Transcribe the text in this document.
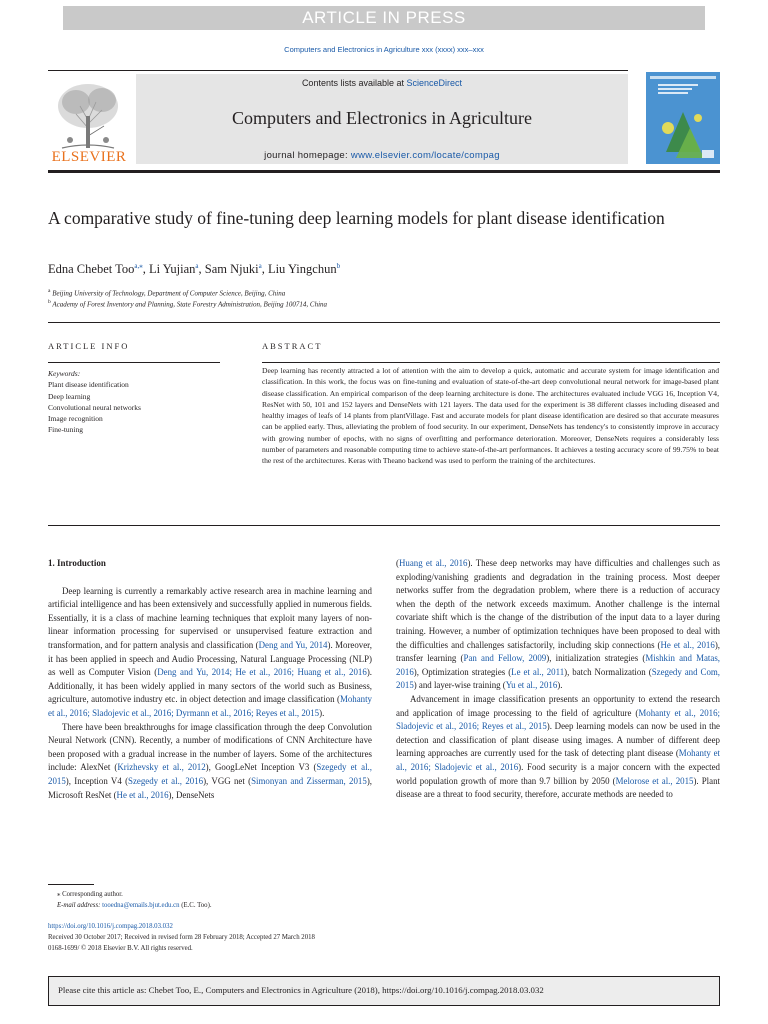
ARTICLE IN PRESS
Computers and Electronics in Agriculture xxx (xxxx) xxx–xxx
ELSEVIER
Contents lists available at ScienceDirect
Computers and Electronics in Agriculture
journal homepage: www.elsevier.com/locate/compag
A comparative study of fine-tuning deep learning models for plant disease identification
Edna Chebet Too$^{a,⁎}$, Li Yujian$^a$, Sam Njuki$^a$, Liu Yingchun$^b$
$^a$ Beijing University of Technology, Department of Computer Science, Beijing, China
$^b$ Academy of Forest Inventory and Planning, State Forestry Administration, Beijing 100714, China
ARTICLE INFO	ABSTRACT
Keywords:
Plant disease identification
Deep learning
Convolutional neural networks
Image recognition
Fine-tuning
Deep learning has recently attracted a lot of attention with the aim to develop a quick, automatic and accurate system for image identification and classification. In this work, the focus was on fine-tuning and evaluation of state-of-the-art deep convolutional neural network for image-based plant disease classification. An empirical comparison of the deep learning architecture is done. The architectures evaluated include VGG 16, Inception V4, ResNet with 50, 101 and 152 layers and DenseNets with 121 layers. The data used for the experiment is 38 different classes including diseased and healthy images of leafs of 14 plants from plantVillage. Fast and accurate models for plant disease identification are desired so that accurate measures can be applied early. Thus, alleviating the problem of food security. In our experiment, DenseNets has tendency's to consistently improve in accuracy with growing number of epochs, with no signs of overfitting and performance deterioration. Moreover, DenseNets requires a considerably less number of parameters and reasonable computing time to achieve state-of-the-art performances. It achieves a testing accuracy score of 99.75% to beat the rest of the architectures. Keras with Theano backend was used to perform the training of the architectures.
1. Introduction

Deep learning is currently a remarkably active research area in machine learning and artificial intelligence and has been extensively and successfully applied in numerous fields. Essentially, it is a class of machine learning techniques that exploit many layers of non-linear information processing for supervised or unsupervised feature extraction and transformation, and for pattern analysis and classification (Deng and Yu, 2014). Moreover, it has been applied in speech and Audio Processing, Natural Language Processing (NLP) as well as Computer Vision (Deng and Yu, 2014; He et al., 2016; Huang et al., 2016). Additionally, it has been widely applied in many sectors of the world such as Business, agriculture, automotive industry etc. in object detection and image classification (Mohanty et al., 2016; Sladojevic et al., 2016; Dyrmann et al., 2016; Reyes et al., 2015).

There have been breakthroughs for image classification through the deep Convolution Neural Network (CNN). Recently, a number of modifications of CNN Architecture have been proposed with a gradual increase in the number of layers. Some of the architectures include: AlexNet (Krizhevsky et al., 2012), GoogLeNet Inception V3 (Szegedy et al., 2015), Inception V4 (Szegedy et al., 2016), VGG net (Simonyan and Zisserman, 2015), Microsoft ResNet (He et al., 2016), DenseNets

(Huang et al., 2016). These deep networks may have difficulties and challenges such as exploding/vanishing gradients and degradation in the training process. Most deeper networks suffer from the degradation problem, where there is a reduction of accuracy when the depth of the network exceeds maximum. Another challenge is the internal covariate shift which is the change of the distribution of the input data to a layer during training. However, a number of optimization techniques have been proposed to deal with the difficulties and challenges satisfactorily, including skip connections (He et al., 2016), transfer learning (Pan and Fellow, 2009), initialization strategies (Mishkin and Matas, 2016), Optimization strategies (Le et al., 2011), batch Normalization (Szegedy and Com, 2015) and layer-wise training (Yu et al., 2016).

Advancement in image classification presents an opportunity to extend the research and application of image processing to the field of agriculture (Mohanty et al., 2016; Sladojevic et al., 2016; Reyes et al., 2015). Deep learning models can now be used in the detection and classification of plant disease using images. A number of different deep learning approaches are currently used for the task of detecting plant disease (Mohanty et al., 2016; Sladojevic et al., 2016). Food security is a major concern with the expected world population growth of more than 9.7 billion by 2050 (Melorose et al., 2015). Plant disease are a threat to food security, therefore, accurate methods are needed to

⁎ Corresponding author.
E-mail address: tooedna@emails.bjut.edu.cn (E.C. Too).
https://doi.org/10.1016/j.compag.2018.03.032
Received 30 October 2017; Received in revised form 28 February 2018; Accepted 27 March 2018
0168-1699/ © 2018 Elsevier B.V. All rights reserved.
Please cite this article as: Chebet Too, E., Computers and Electronics in Agriculture (2018), https://doi.org/10.1016/j.compag.2018.03.032
